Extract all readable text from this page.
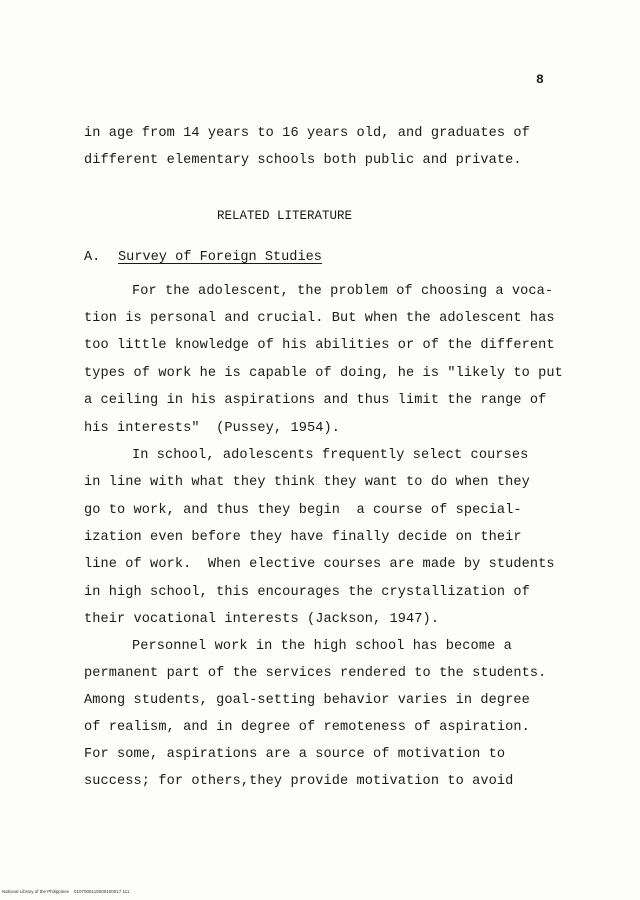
8
in age from 14 years to 16 years old, and graduates of
different elementary schools both public and private.
RELATED LITERATURE
A. Survey of Foreign Studies
For the adolescent, the problem of choosing a voca-
tion is personal and crucial. But when the adolescent has
too little knowledge of his abilities or of the different
types of work he is capable of doing, he is "likely to put
a ceiling in his aspirations and thus limit the range of
his interests"  (Pussey, 1954).
In school, adolescents frequently select courses
in line with what they think they want to do when they
go to work, and thus they begin  a course of special-
ization even before they have finally decide on their
line of work.  When elective courses are made by students
in high school, this encourages the crystallization of
their vocational interests (Jackson, 1947).
Personnel work in the high school has become a
permanent part of the services rendered to the students.
Among students, goal-setting behavior varies in degree
of realism, and in degree of remoteness of aspiration.
For some, aspirations are a source of motivation to
success; for others,they provide motivation to avoid
National Library of the Philippines    0107005115000100017 111
